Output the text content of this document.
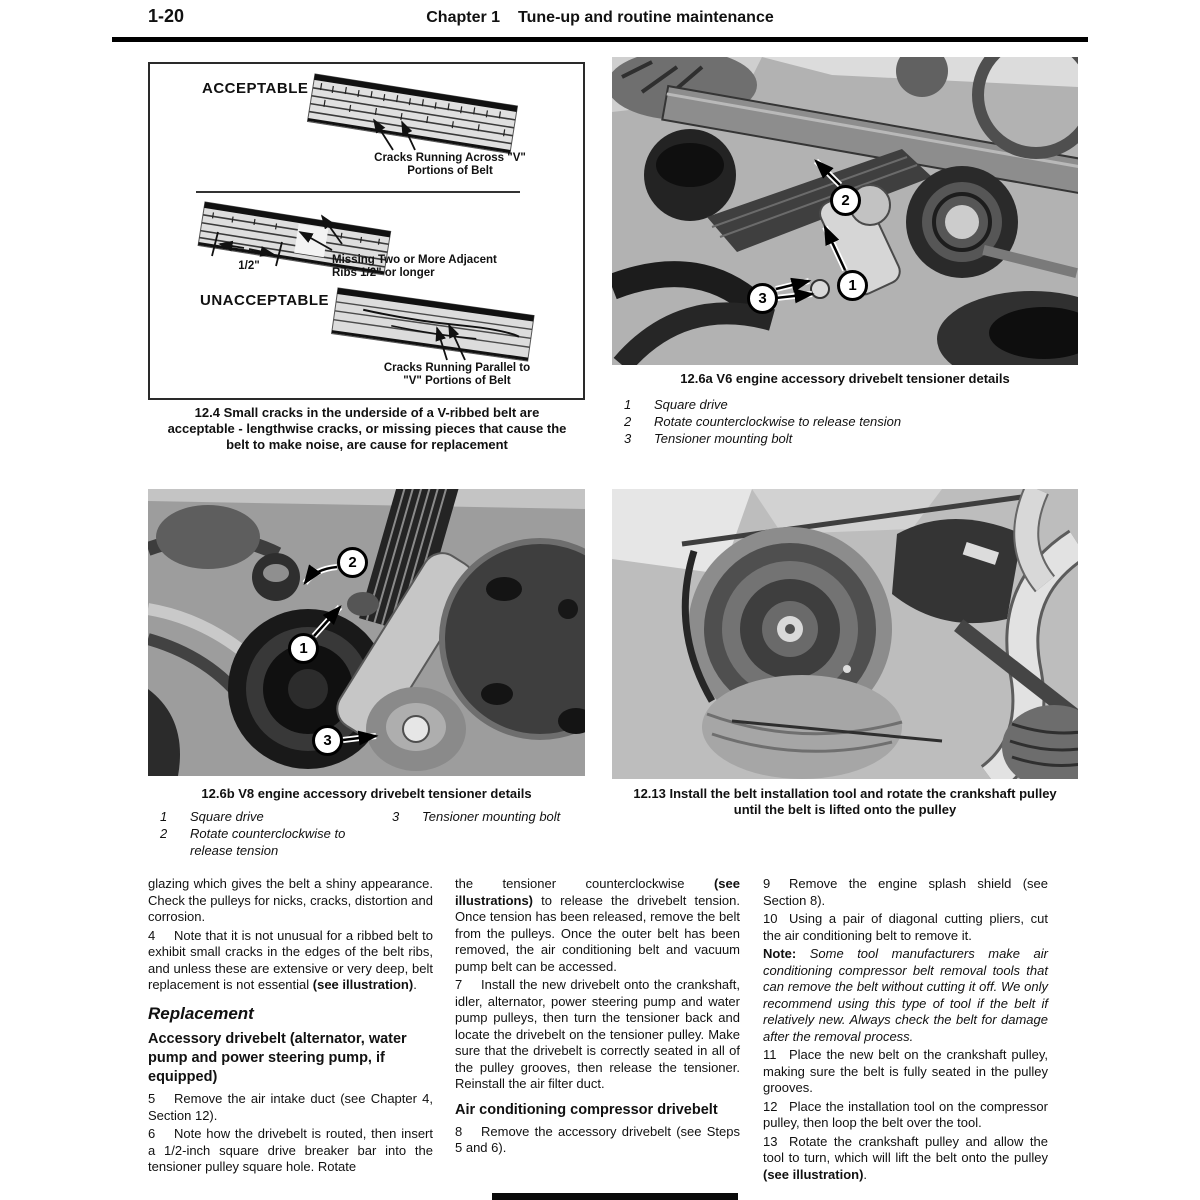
1-20	Chapter 1 Tune-up and routine maintenance
ACCEPTABLE
Cracks Running Across "V" Portions of Belt
Missing Two or More Adjacent Ribs 1/2" or longer
1/2"
UNACCEPTABLE
Cracks Running Parallel to "V" Portions of Belt
12.4 Small cracks in the underside of a V-ribbed belt are acceptable - lengthwise cracks, or missing pieces that cause the belt to make noise, are cause for replacement
2
1
3
12.6a V6 engine accessory drivebelt tensioner details
1	Square drive
2	Rotate counterclockwise to release tension
3	Tensioner mounting bolt
2
1
3
12.6b V8 engine accessory drivebelt tensioner details
1	Square drive
2	Rotate counterclockwise to release tension
3	Tensioner mounting bolt
12.13 Install the belt installation tool and rotate the crankshaft pulley until the belt is lifted onto the pulley

glazing which gives the belt a shiny appearance. Check the pulleys for nicks, cracks, distortion and corrosion.

4 Note that it is not unusual for a ribbed belt to exhibit small cracks in the edges of the belt ribs, and unless these are extensive or very deep, belt replacement is not essential (see illustration).

Replacement
Accessory drivebelt (alternator, water pump and power steering pump, if equipped)

5 Remove the air intake duct (see Chapter 4, Section 12).

6 Note how the drivebelt is routed, then insert a 1/2-inch square drive breaker bar into the tensioner pulley square hole. Rotate

the tensioner counterclockwise (see illustrations) to release the drivebelt tension. Once tension has been released, remove the belt from the pulleys. Once the outer belt has been removed, the air conditioning belt and vacuum pump belt can be accessed.

7 Install the new drivebelt onto the crankshaft, idler, alternator, power steering pump and water pump pulleys, then turn the tensioner back and locate the drivebelt on the tensioner pulley. Make sure that the drivebelt is correctly seated in all of the pulley grooves, then release the tensioner. Reinstall the air filter duct.

Air conditioning compressor drivebelt

8 Remove the accessory drivebelt (see Steps 5 and 6).

9 Remove the engine splash shield (see Section 8).

10 Using a pair of diagonal cutting pliers, cut the air conditioning belt to remove it.

Note: Some tool manufacturers make air conditioning compressor belt removal tools that can remove the belt without cutting it off. We only recommend using this type of tool if the belt if relatively new. Always check the belt for damage after the removal process.

11 Place the new belt on the crankshaft pulley, making sure the belt is fully seated in the pulley grooves.

12 Place the installation tool on the compressor pulley, then loop the belt over the tool.

13 Rotate the crankshaft pulley and allow the tool to turn, which will lift the belt onto the pulley (see illustration).
